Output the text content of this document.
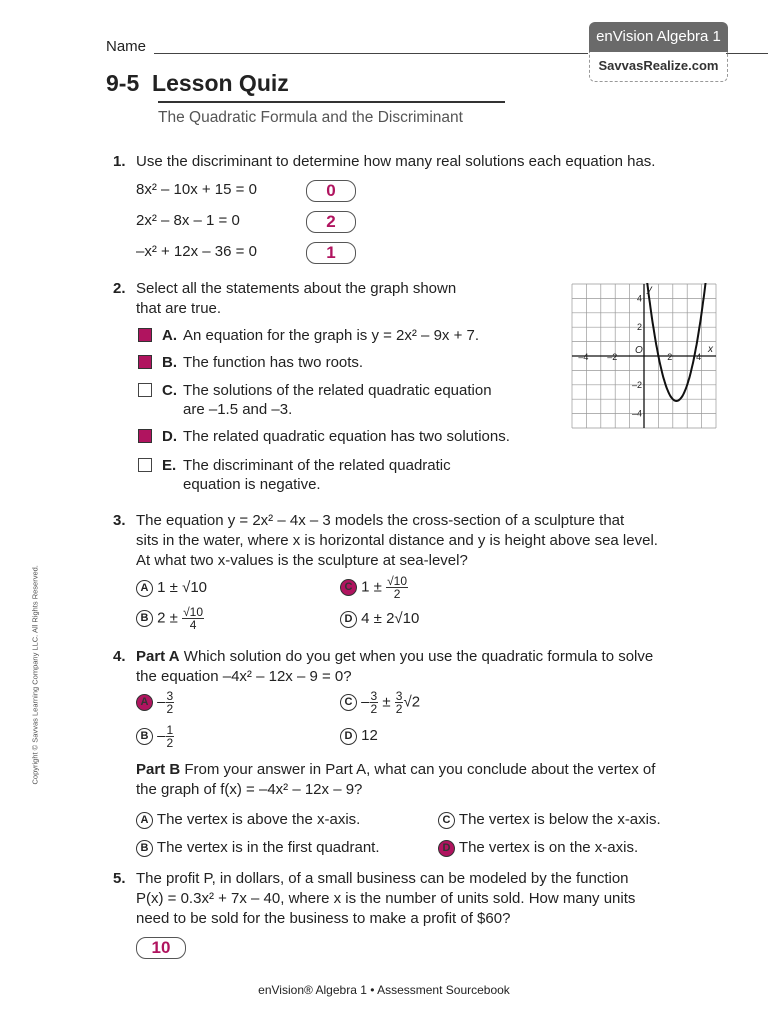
Name
enVision Algebra 1
SavvasRealize.com
9-5  Lesson Quiz
The Quadratic Formula and the Discriminant
1. Use the discriminant to determine how many real solutions each equation has.
8x² – 10x + 15 = 0	0
2x² – 8x – 1 = 0	2
–x² + 12x – 36 = 0	1
2. Select all the statements about the graph shown
that are true.
A. An equation for the graph is y = 2x² – 9x + 7.
B. The function has two roots.
C. The solutions of the related quadratic equation
are –1.5 and –3.
D. The related quadratic equation has two solutions.
E. The discriminant of the related quadratic
equation is negative.
–4 –2	2	4
4
2
–2
–4
O	x
y
3. The equation y = 2x² – 4x – 3 models the cross-section of a sculpture that
sits in the water, where x is horizontal distance and y is height above sea level.
At what two x-values is the sculpture at sea-level?
A 1 ± √10	C $1 \pm \frac{√10}{2}$
B $2 \pm \frac{√10}{4}$	D 4 ± 2√10
4. Part A Which solution do you get when you use the quadratic formula to solve
the equation –4x² – 12x – 9 = 0?
A – $\frac{3}{2}$	$C - \frac{3}{2} \pm \frac{3}{2} √2$
B – $\frac{1}{2}$	D 12
Part B From your answer in Part A, what can you conclude about the vertex of
the graph of f(x) = –4x² – 12x – 9?
A The vertex is above the x-axis.	C The vertex is below the x-axis.
B The vertex is in the first quadrant.	D The vertex is on the x-axis.
5. The profit P, in dollars, of a small business can be modeled by the function
P(x) = 0.3x² + 7x – 40, where x is the number of units sold. How many units
need to be sold for the business to make a profit of $60?
10
Copyright © Savvas Learning Company LLC. All Rights Reserved.
enVision® Algebra 1 • Assessment Sourcebook
